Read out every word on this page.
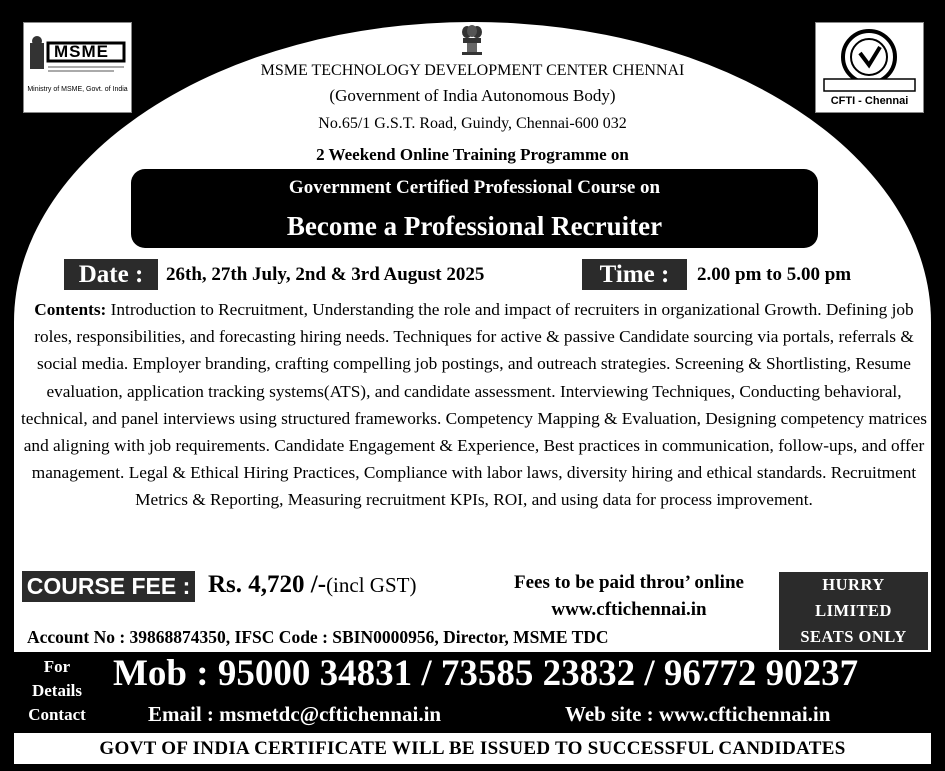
MSME
Ministry of MSME, Govt. of India
CFTI - Chennai
MSME TECHNOLOGY DEVELOPMENT CENTER CHENNAI
(Government of India Autonomous Body)
No.65/1 G.S.T. Road, Guindy, Chennai-600 032
2 Weekend Online Training Programme on
Government Certified Professional Course on
Become a Professional Recruiter
Date :	26th, 27th July, 2nd & 3rd August 2025	Time :	2.00 pm to 5.00 pm
Contents: Introduction to Recruitment, Understanding the role and impact of recruiters in organizational Growth. Defining job roles, responsibilities, and forecasting hiring needs. Techniques for active & passive Candidate sourcing via portals, referrals & social media. Employer branding, crafting compelling job postings, and outreach strategies. Screening & Shortlisting, Resume evaluation, application tracking systems(ATS), and candidate assessment. Interviewing Techniques, Conducting behavioral, technical, and panel interviews using structured frameworks. Competency Mapping & Evaluation, Designing competency matrices and aligning with job requirements. Candidate Engagement & Experience, Best practices in communication, follow-ups, and offer management. Legal & Ethical Hiring Practices, Compliance with labor laws, diversity hiring and ethical standards. Recruitment Metrics & Reporting, Measuring recruitment KPIs, ROI, and using data for process improvement.
COURSE FEE : Rs. 4,720 /-(incl GST)	Fees to be paid throu’ online
www.cftichennai.in
HURRY
LIMITED
SEATS ONLY
Account No : 39868874350, IFSC Code : SBIN0000956, Director, MSME TDC
For
Details
Contact
Mob : 95000 34831 / 73585 23832 / 96772 90237
Email : msmetdc@cftichennai.in	Web site : www.cftichennai.in
GOVT OF INDIA CERTIFICATE WILL BE ISSUED TO SUCCESSFUL CANDIDATES
